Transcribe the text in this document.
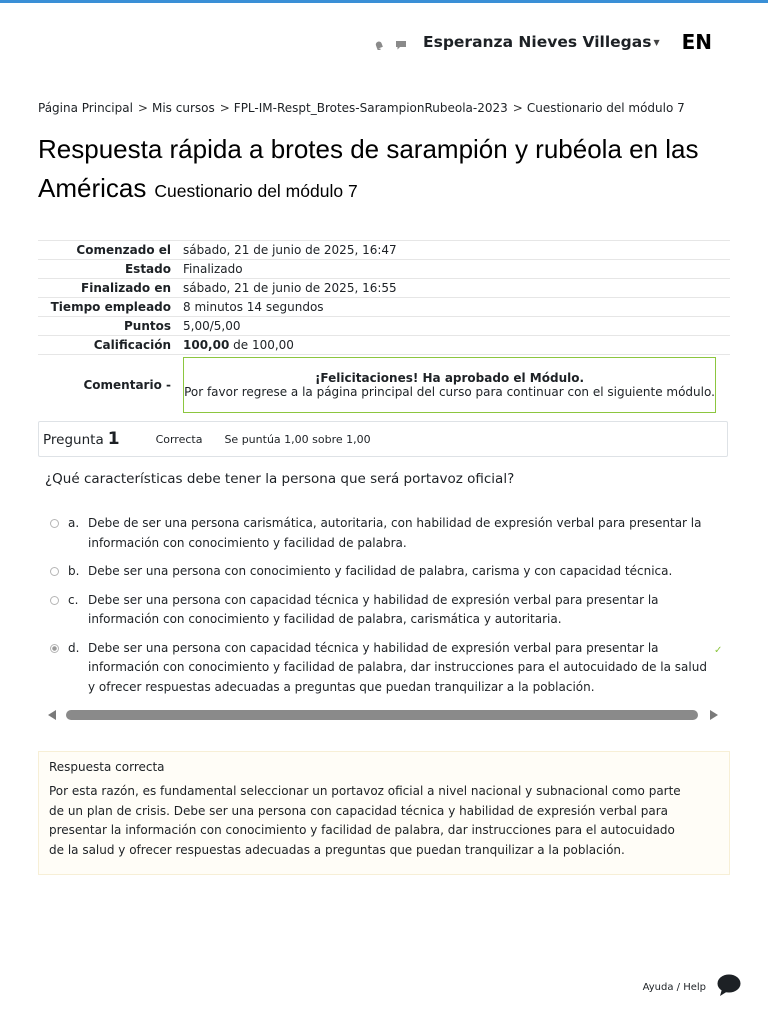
Esperanza Nieves Villegas ▼ EN
Página Principal > Mis cursos > FPL-IM-Respt_Brotes-SarampionRubeola-2023 > Cuestionario del módulo 7
Respuesta rápida a brotes de sarampión y rubéola en las Américas Cuestionario del módulo 7
Comenzado el	sábado, 21 de junio de 2025, 16:47
Estado	Finalizado
Finalizado en	sábado, 21 de junio de 2025, 16:55
Tiempo empleado	8 minutos 14 segundos
Puntos	5,00/5,00
Calificación	100,00 de 100,00
Comentario -	¡Felicitaciones! Ha aprobado el Módulo.
Por favor regrese a la página principal del curso para continuar con el siguiente módulo.
Pregunta 1	Correcta Se puntúa 1,00 sobre 1,00
¿Qué características debe tener la persona que será portavoz oficial?
a. Debe de ser una persona carismática, autoritaria, con habilidad de expresión verbal para presentar la información con conocimiento y facilidad de palabra.
b. Debe ser una persona con conocimiento y facilidad de palabra, carisma y con capacidad técnica.
c. Debe ser una persona con capacidad técnica y habilidad de expresión verbal para presentar la información con conocimiento y facilidad de palabra, carismática y autoritaria.
d. Debe ser una persona con capacidad técnica y habilidad de expresión verbal para presentar la información con conocimiento y facilidad de palabra, dar instrucciones para el autocuidado de la salud y ofrecer respuestas adecuadas a preguntas que puedan tranquilizar a la población.
✓
Respuesta correcta
Por esta razón, es fundamental seleccionar un portavoz oficial a nivel nacional y subnacional como parte de un plan de crisis. Debe ser una persona con capacidad técnica y habilidad de expresión verbal para presentar la información con conocimiento y facilidad de palabra, dar instrucciones para el autocuidado de la salud y ofrecer respuestas adecuadas a preguntas que puedan tranquilizar a la población.
Ayuda / Help
